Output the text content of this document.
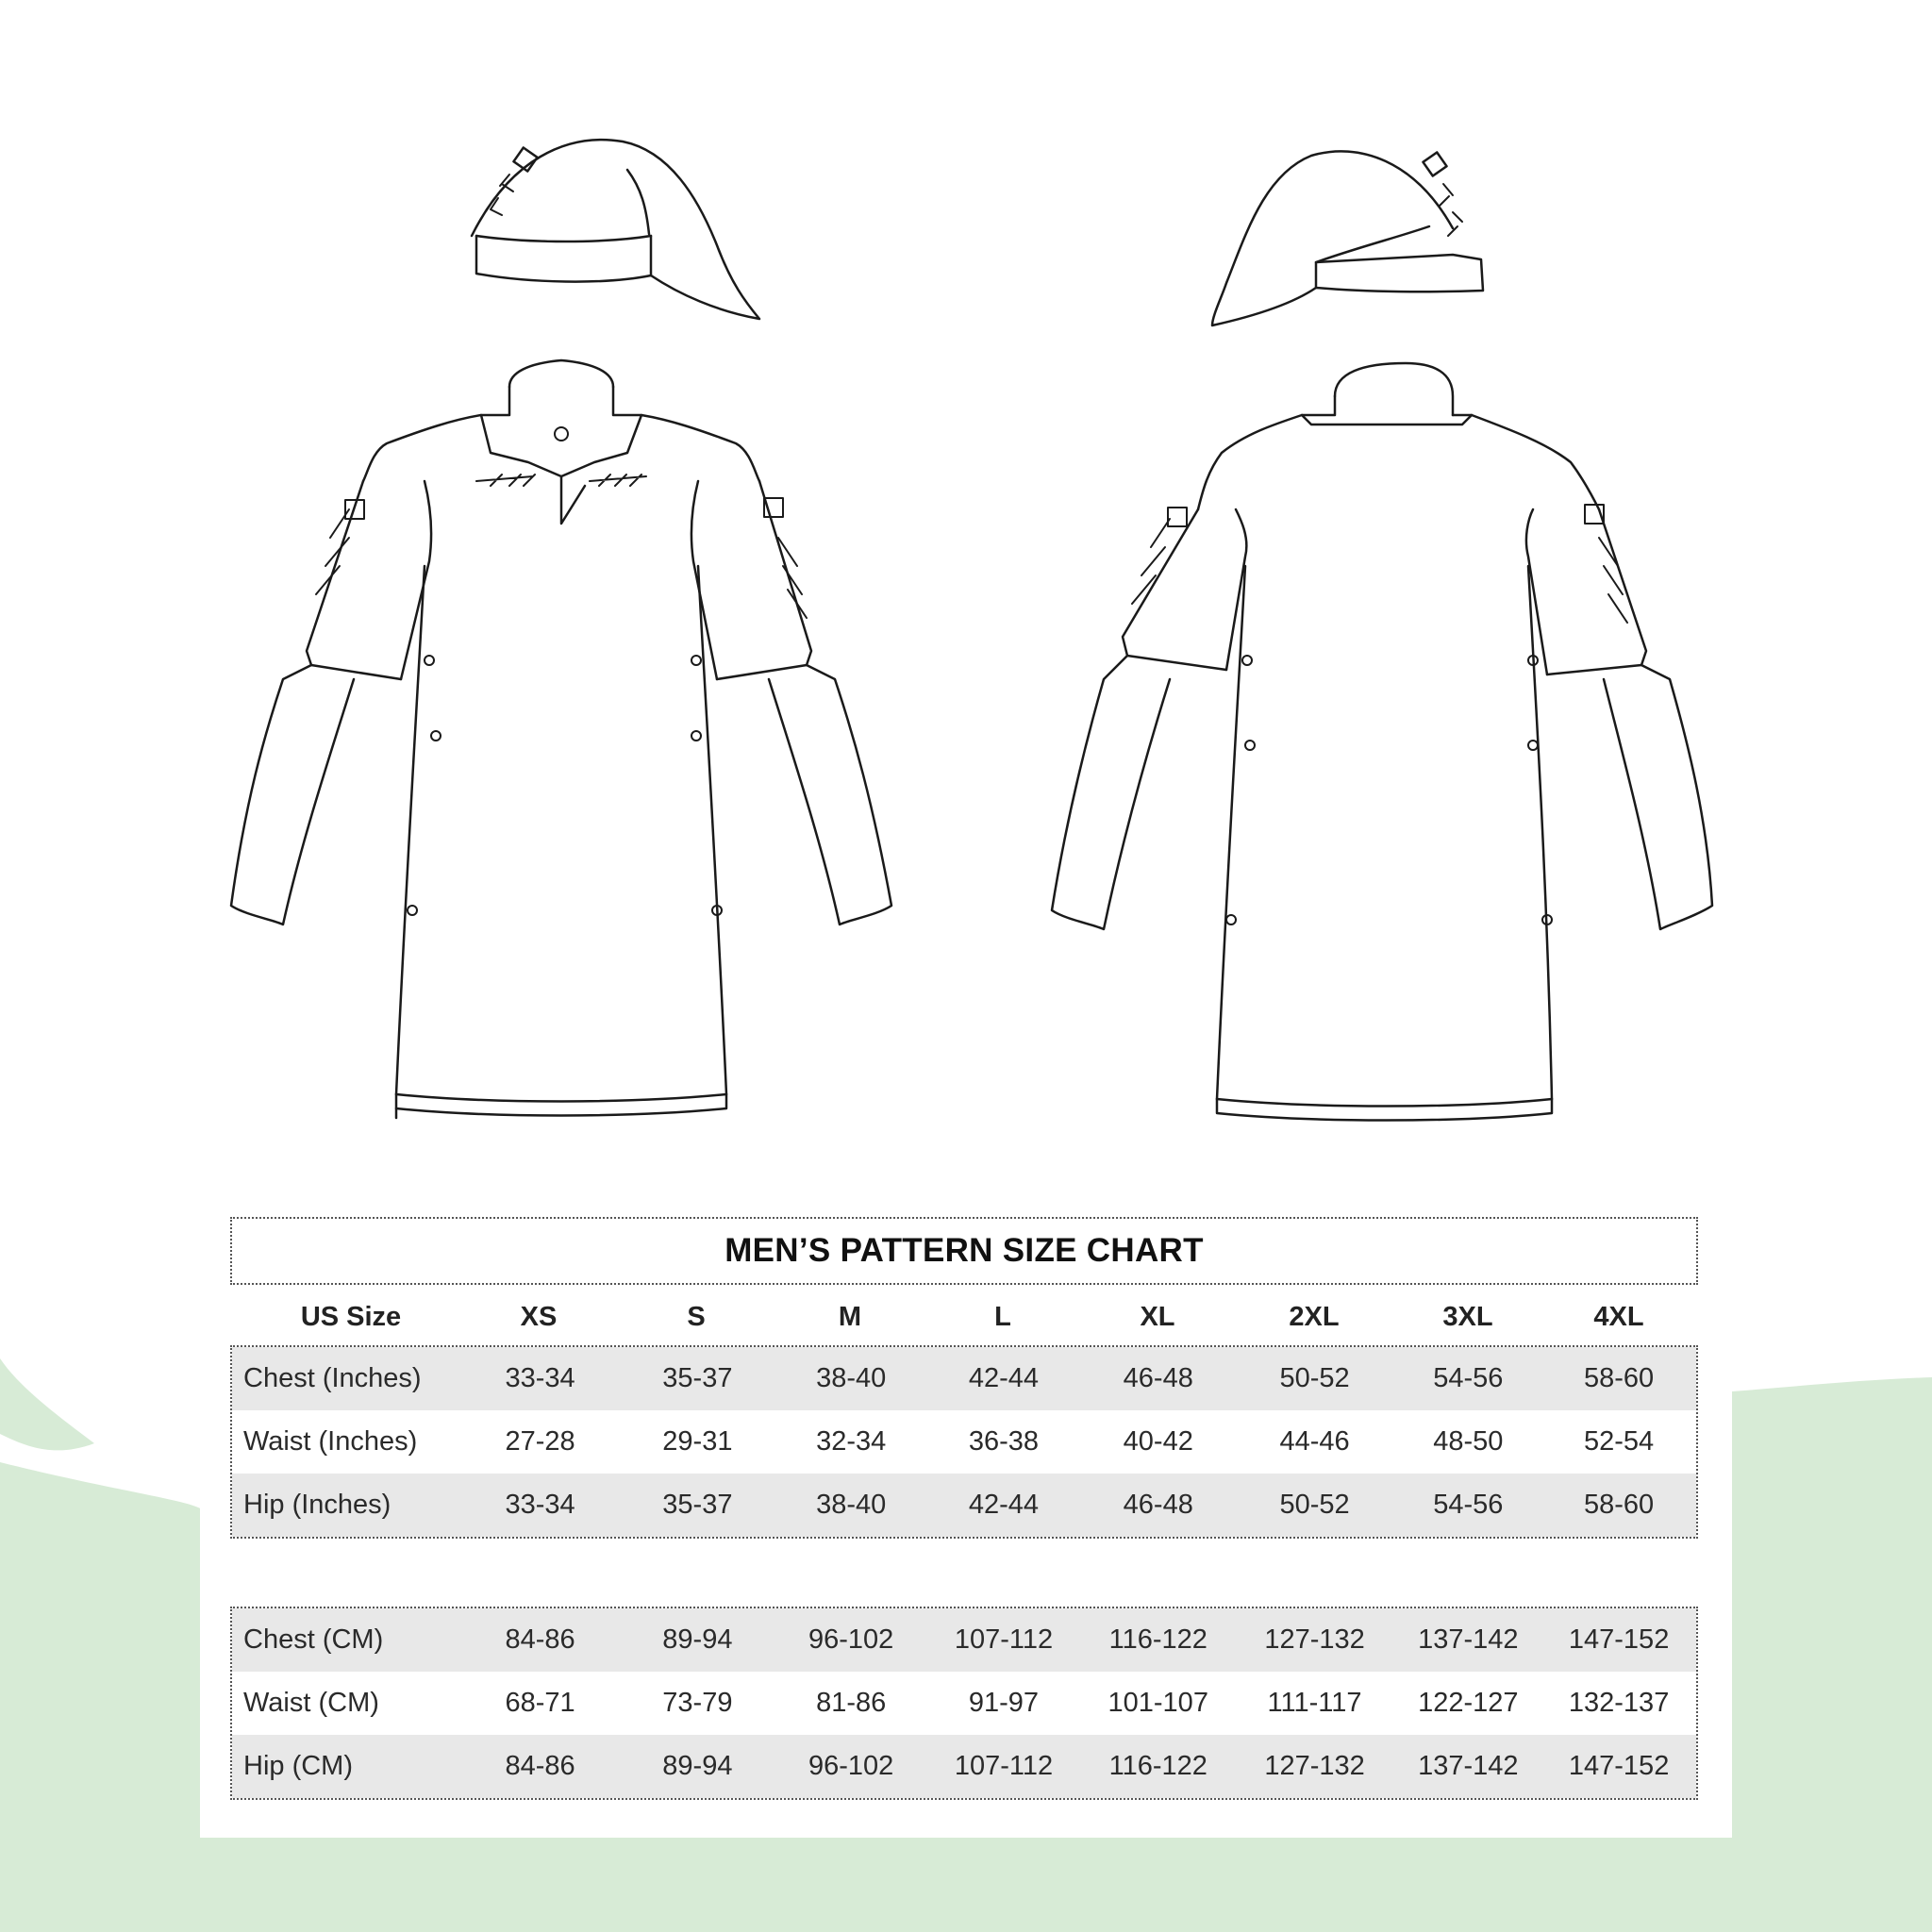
MEN’S PATTERN SIZE CHART
US Size	XS	S	M	L	XL	2XL	3XL	4XL
Chest (Inches)	33-34	35-37	38-40	42-44	46-48	50-52	54-56	58-60
Waist (Inches)	27-28	29-31	32-34	36-38	40-42	44-46	48-50	52-54
Hip (Inches)	33-34	35-37	38-40	42-44	46-48	50-52	54-56	58-60
Chest (CM)	84-86	89-94	96-102	107-112	116-122	127-132	137-142	147-152
Waist (CM)	68-71	73-79	81-86	91-97	101-107	111-117	122-127	132-137
Hip (CM)	84-86	89-94	96-102	107-112	116-122	127-132	137-142	147-152
